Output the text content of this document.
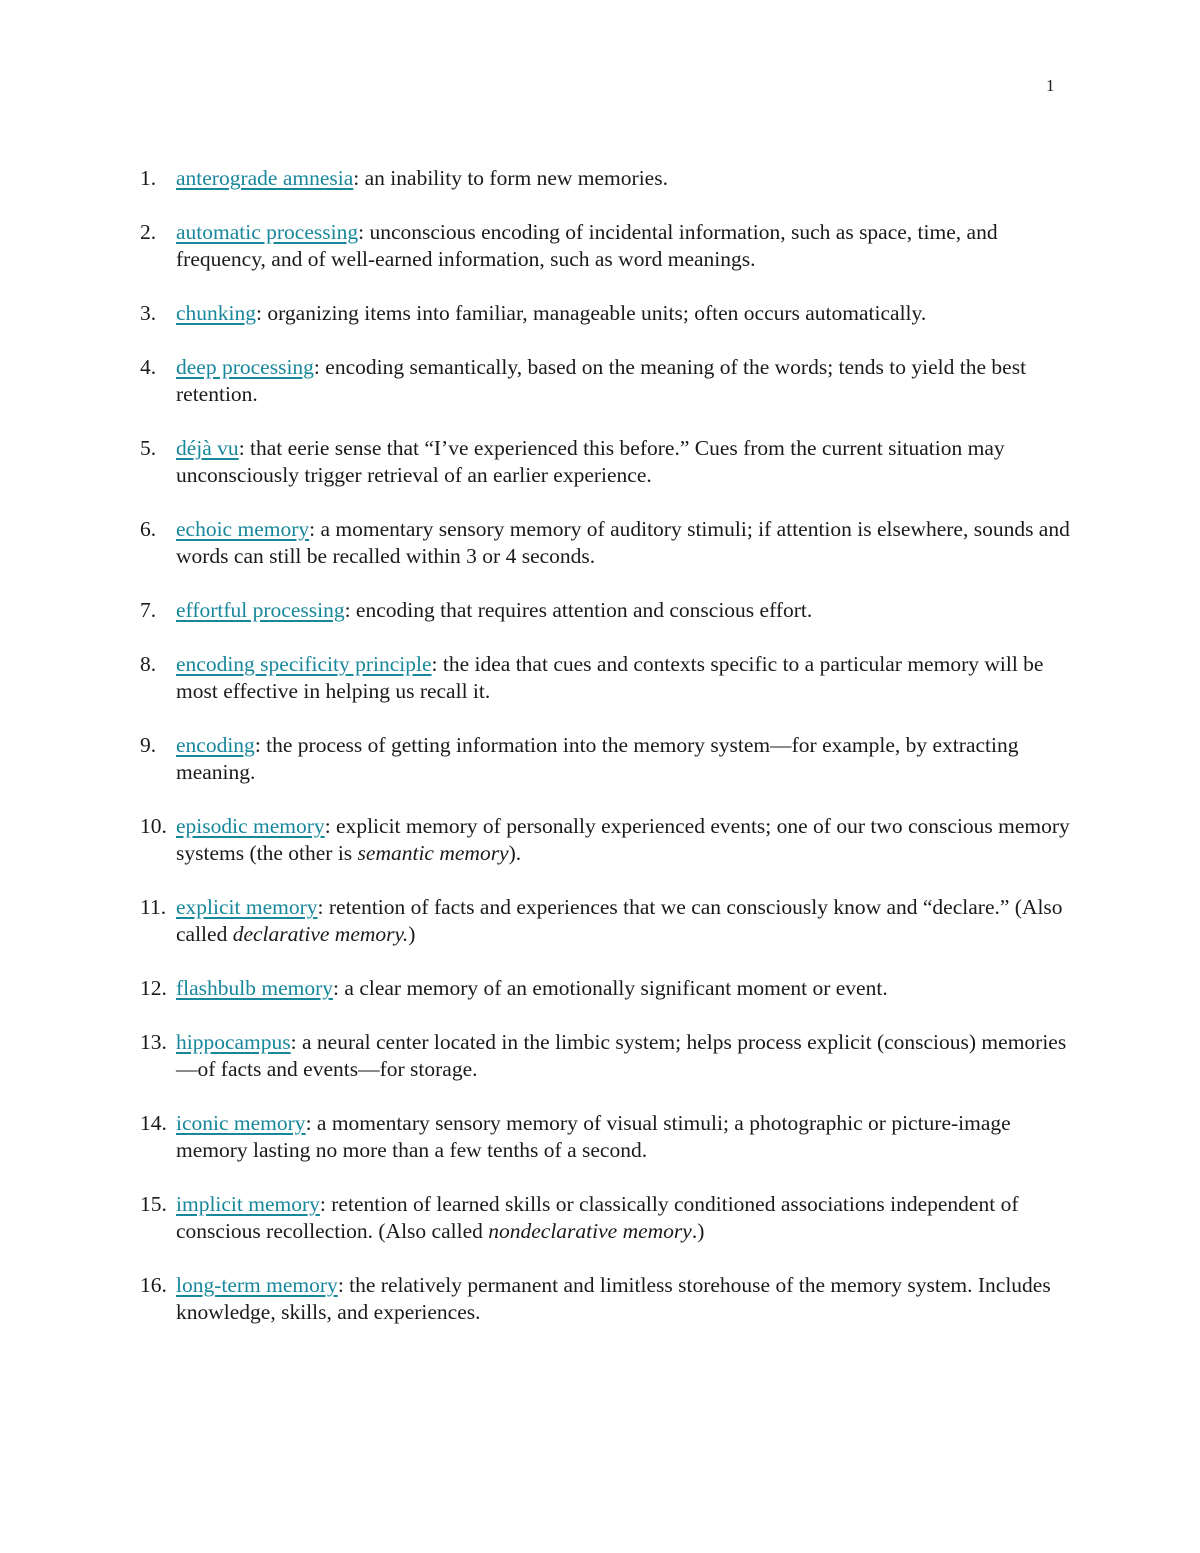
1
1. anterograde amnesia: an inability to form new memories.
2. automatic processing: unconscious encoding of incidental information, such as space, time, and frequency, and of well-earned information, such as word meanings.
3. chunking: organizing items into familiar, manageable units; often occurs automatically.
4. deep processing: encoding semantically, based on the meaning of the words; tends to yield the best retention.
5. déjà vu: that eerie sense that “I’ve experienced this before.” Cues from the current situation may unconsciously trigger retrieval of an earlier experience.
6. echoic memory: a momentary sensory memory of auditory stimuli; if attention is elsewhere, sounds and words can still be recalled within 3 or 4 seconds.
7. effortful processing: encoding that requires attention and conscious effort.
8. encoding specificity principle: the idea that cues and contexts specific to a particular memory will be most effective in helping us recall it.
9. encoding: the process of getting information into the memory system—for example, by extracting meaning.
10. episodic memory: explicit memory of personally experienced events; one of our two conscious memory systems (the other is semantic memory).
11. explicit memory: retention of facts and experiences that we can consciously know and “declare.” (Also called declarative memory.)
12. flashbulb memory: a clear memory of an emotionally significant moment or event.
13. hippocampus: a neural center located in the limbic system; helps process explicit (conscious) memories—of facts and events—for storage.
14. iconic memory: a momentary sensory memory of visual stimuli; a photographic or picture-image memory lasting no more than a few tenths of a second.
15. implicit memory: retention of learned skills or classically conditioned associations independent of conscious recollection. (Also called nondeclarative memory.)
16. long-term memory: the relatively permanent and limitless storehouse of the memory system. Includes knowledge, skills, and experiences.
